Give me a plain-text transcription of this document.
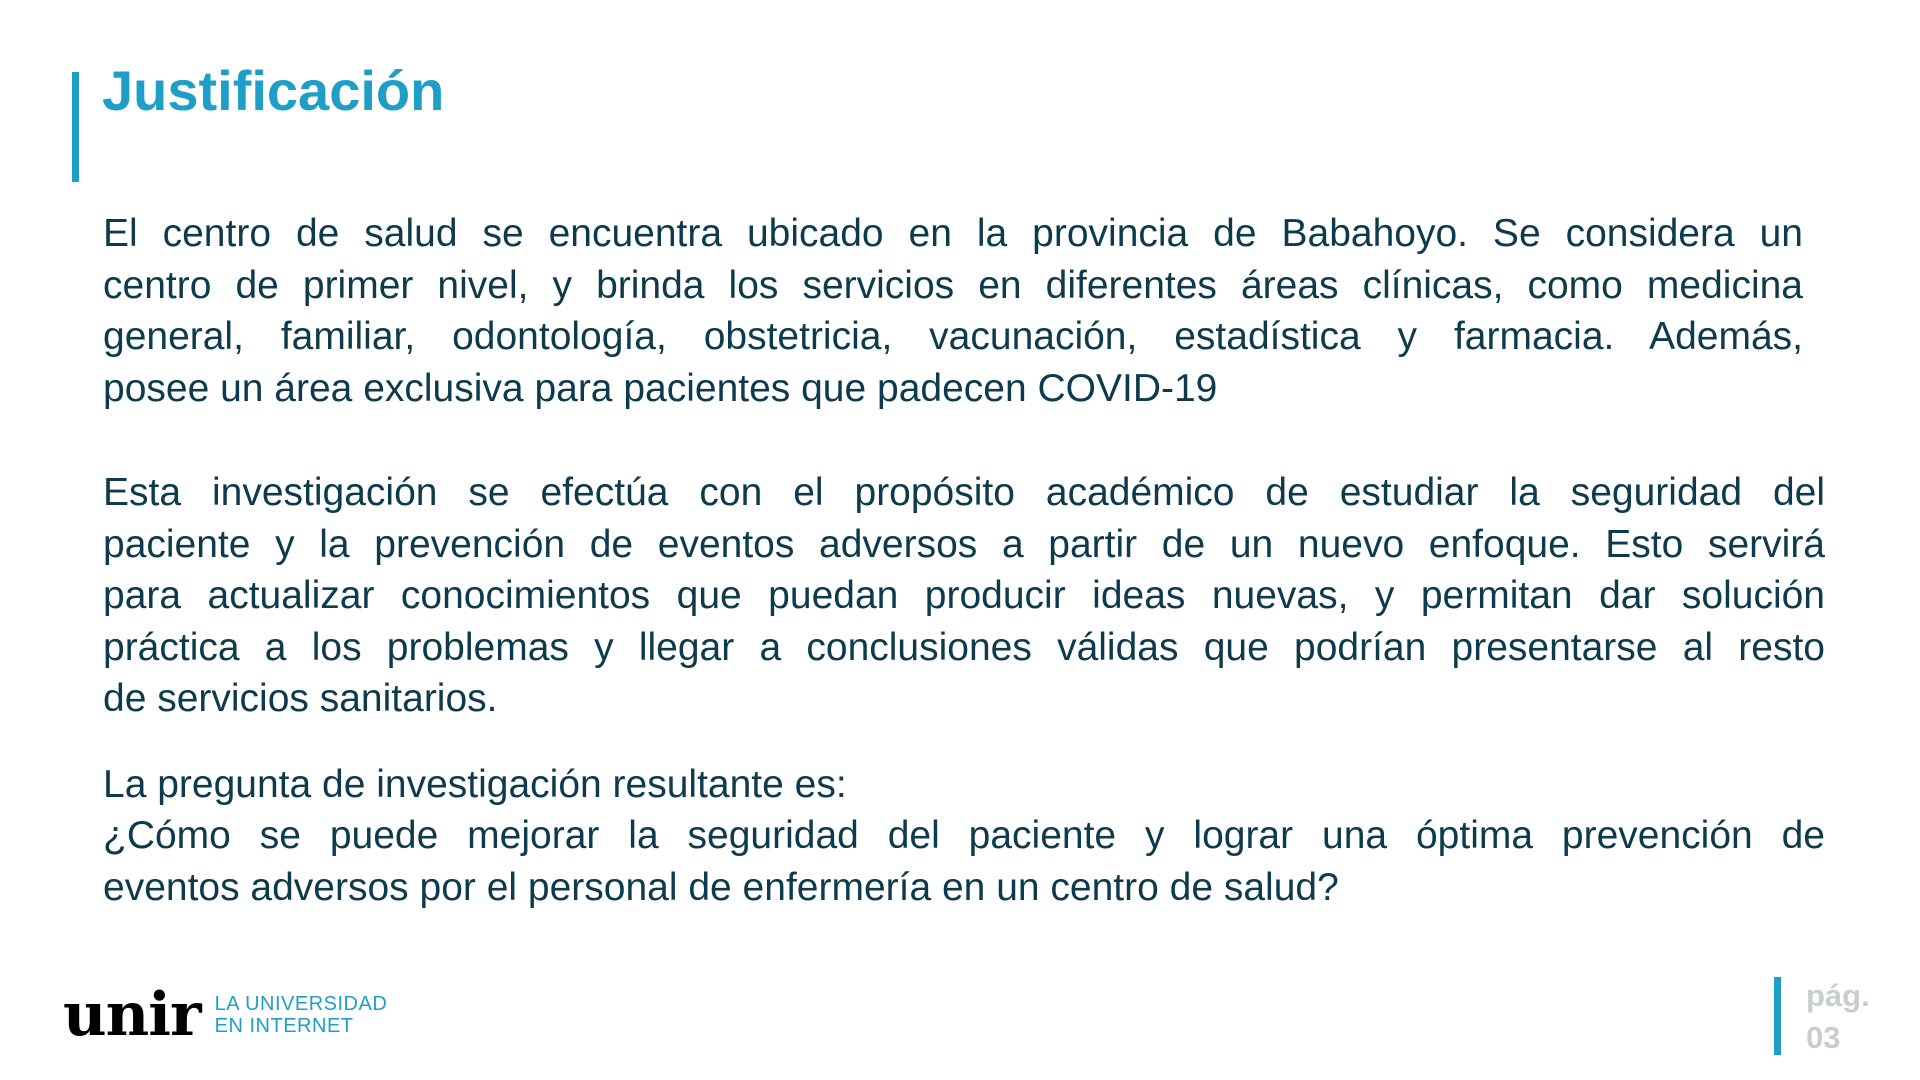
Justificación

El centro de salud se encuentra ubicado en la provincia de Babahoyo. Se considera un
centro de primer nivel, y brinda los servicios en diferentes áreas clínicas, como medicina
general, familiar, odontología, obstetricia, vacunación, estadística y farmacia. Además,
posee un área exclusiva para pacientes que padecen COVID-19

Esta investigación se efectúa con el propósito académico de estudiar la seguridad del
paciente y la prevención de eventos adversos a partir de un nuevo enfoque. Esto servirá
para actualizar conocimientos que puedan producir ideas nuevas, y permitan dar solución
práctica a los problemas y llegar a conclusiones válidas que podrían presentarse al resto
de servicios sanitarios.

La pregunta de investigación resultante es:
¿Cómo se puede mejorar la seguridad del paciente y lograr una óptima prevención de
eventos adversos por el personal de enfermería en un centro de salud?

unir LA UNIVERSIDAD
EN INTERNET
pág.
03
